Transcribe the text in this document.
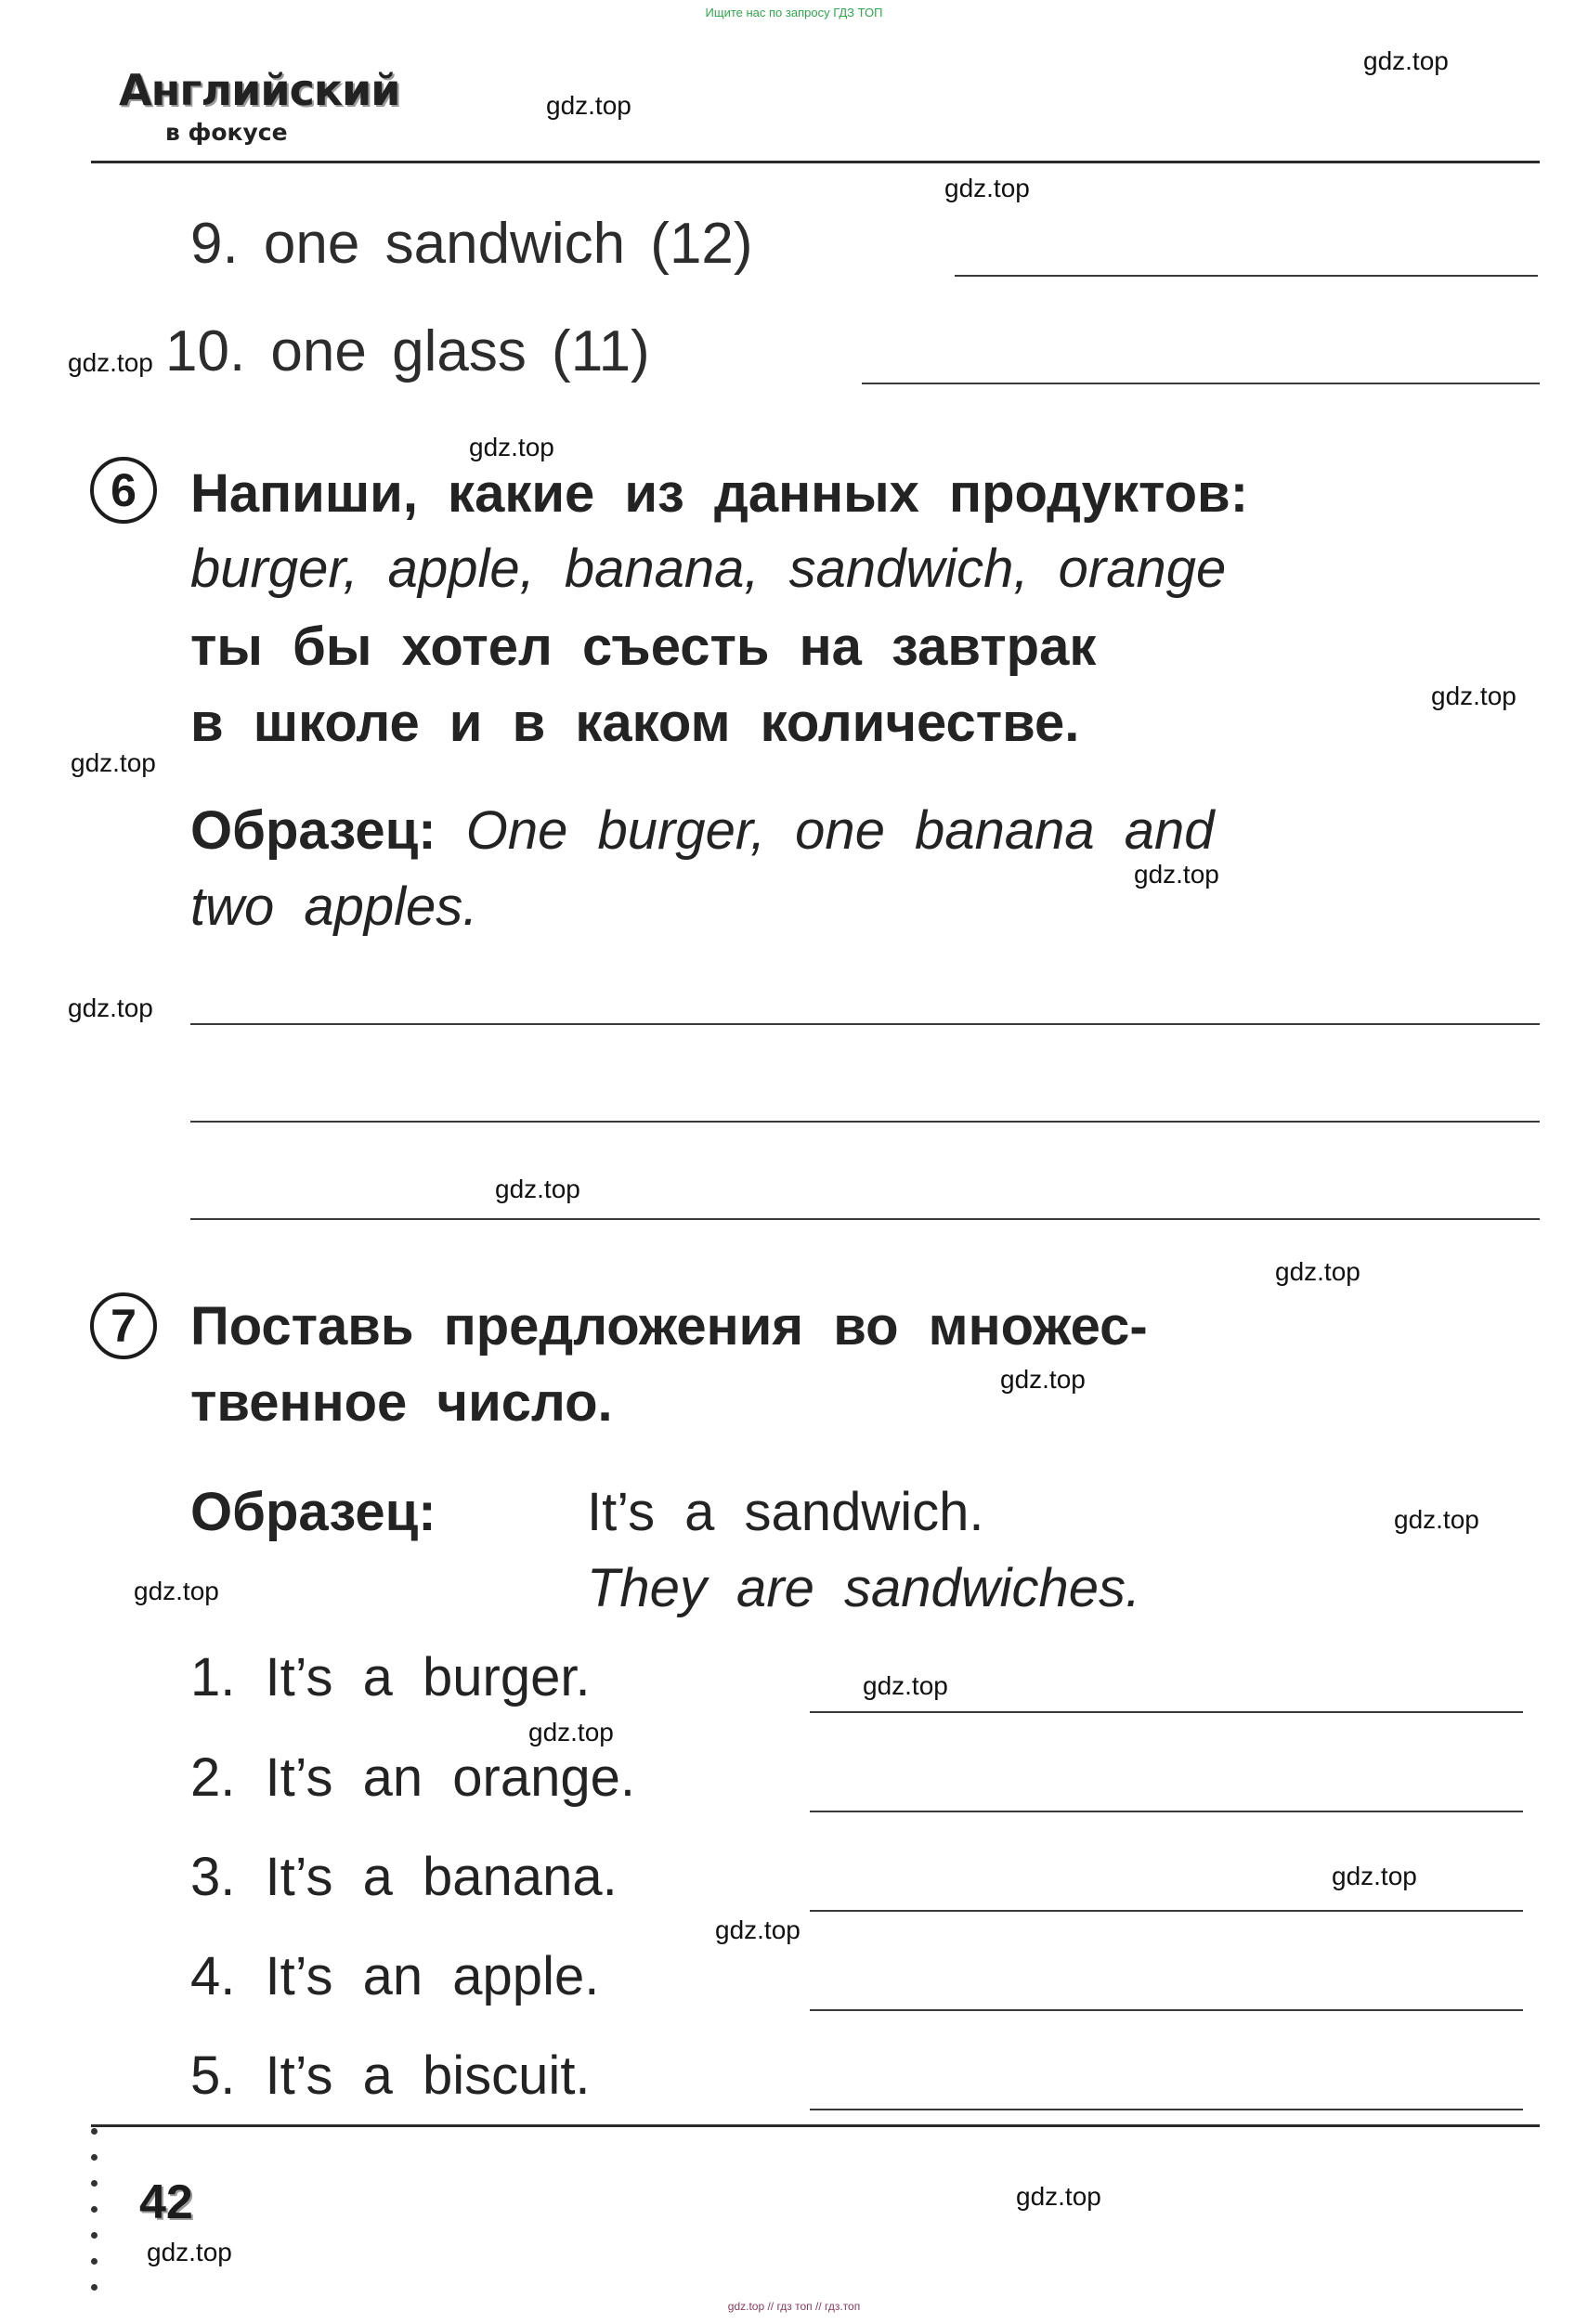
Ищите нас по запросу ГДЗ ТОП
Английский
в фокусе
9. one sandwich (12)
10. one glass (11)
6	Напиши, какие из данных продуктов:
burger, apple, banana, sandwich, orange
ты бы хотел съесть на завтрак
в школе и в каком количестве.
Образец: One burger, one banana and
two apples.
7	Поставь предложения во множес-
твенное число.
Образец:	It’s a sandwich.
They are sandwiches.
1. It’s a burger.
2. It’s an orange.
3. It’s a banana.
4. It’s an apple.
5. It’s a biscuit.
42
gdz.top
gdz.top
gdz.top
gdz.top
gdz.top
gdz.top
gdz.top
gdz.top
gdz.top
gdz.top
gdz.top
gdz.top
gdz.top
gdz.top
gdz.top
gdz.top
gdz.top
gdz.top
gdz.top
gdz.top
gdz.top // гдз топ // гдз.топ
